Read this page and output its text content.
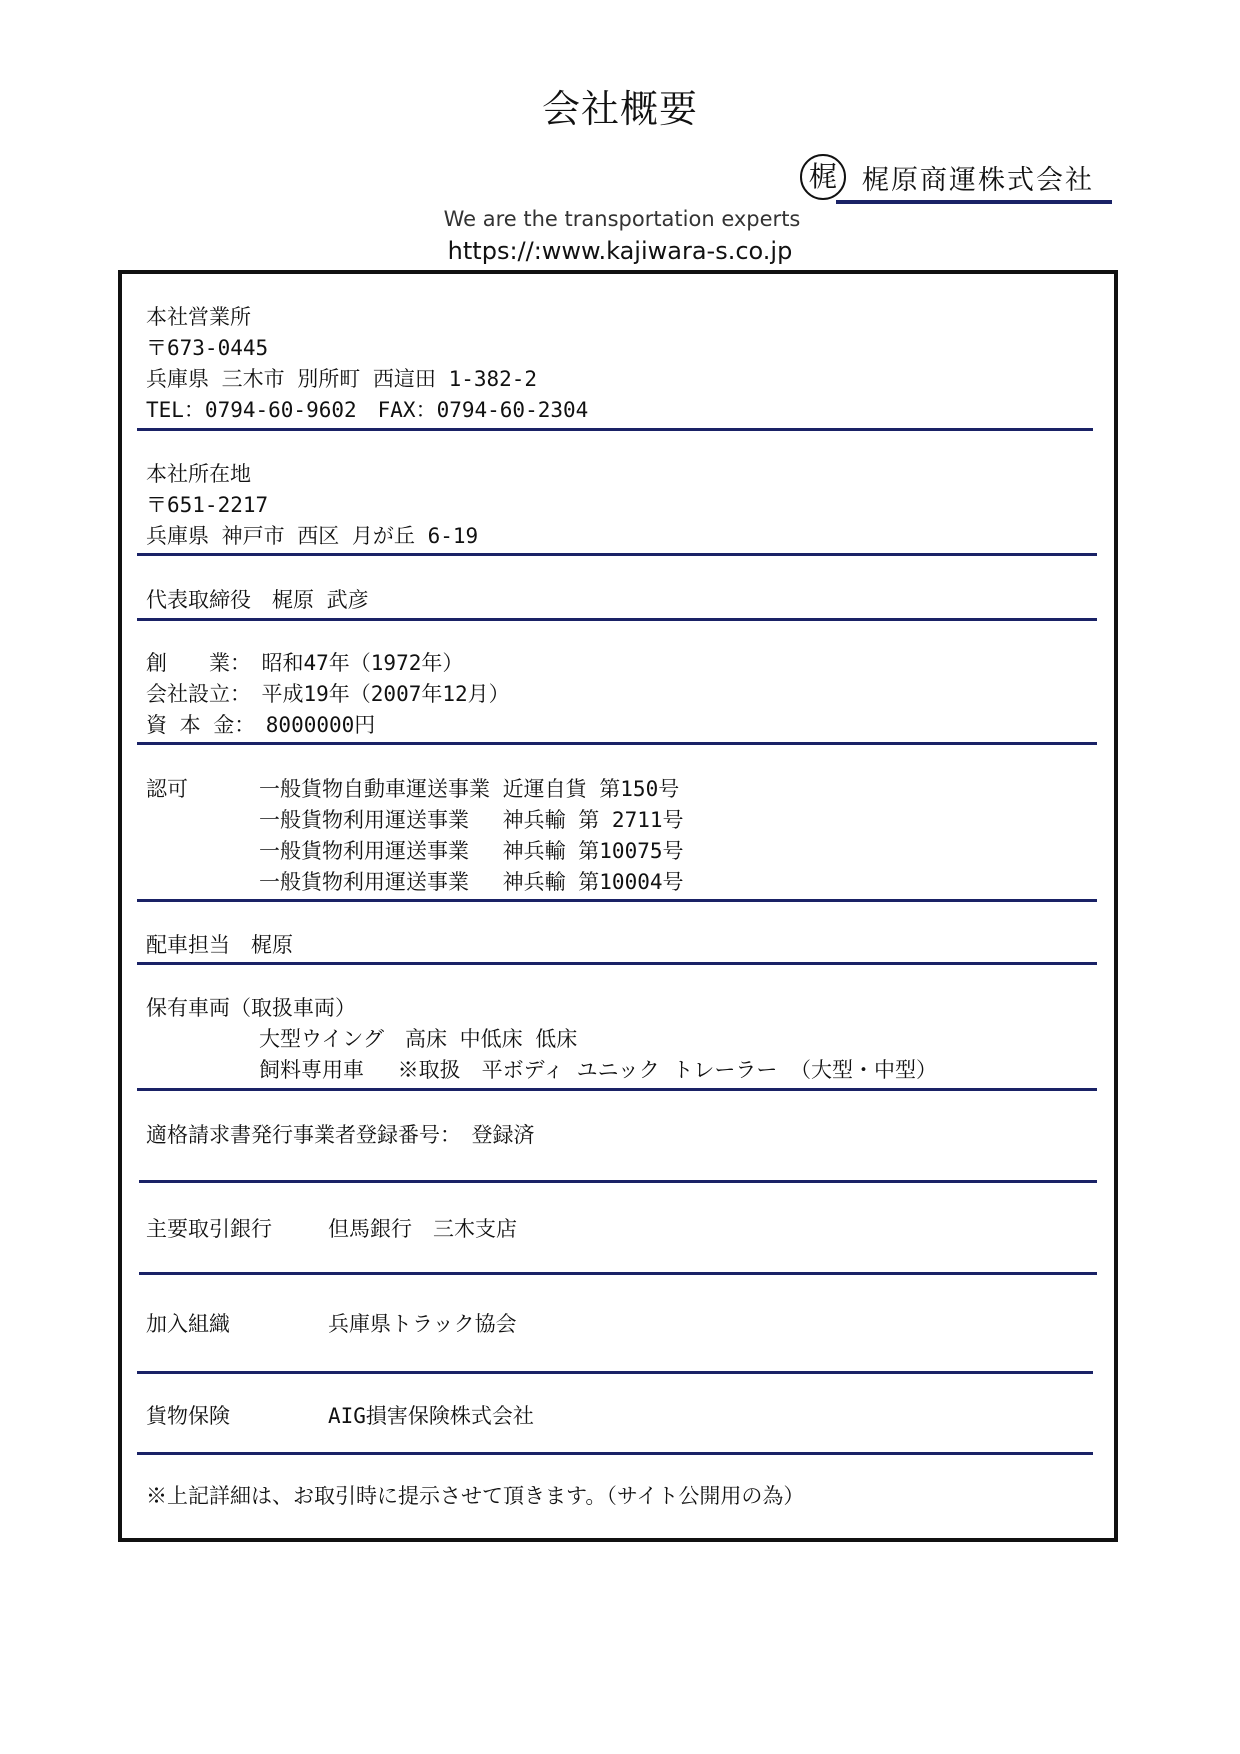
会社概要
梶 梶原商運株式会社
We are the transportation experts
https://:www.kajiwara-s.co.jp
本社営業所
〒673-0445
兵庫県 三木市 別所町 西這田 1-382-2
TEL：0794-60-9602　FAX：0794-60-2304
本社所在地
〒651-2217
兵庫県 神戸市 西区 月が丘 6-19
代表取締役　梶原 武彦
創　　業：　昭和47年（1972年）
会社設立：　平成19年（2007年12月）
資 本 金：　8000000円
認可	一般貨物自動車運送事業 近運自貨 第150号
一般貨物利用運送事業　 神兵輸 第 2711号
一般貨物利用運送事業　 神兵輸 第10075号
一般貨物利用運送事業　 神兵輸 第10004号
配車担当　梶原
保有車両（取扱車両）
大型ウイング　高床 中低床 低床
飼料専用車　 ※取扱　平ボディ ユニック トレーラー （大型・中型）
適格請求書発行事業者登録番号：　登録済
主要取引銀行	但馬銀行　三木支店
加入組織	兵庫県トラック協会
貨物保険	AIG損害保険株式会社
※上記詳細は、お取引時に提示させて頂きます。（サイト公開用の為）
